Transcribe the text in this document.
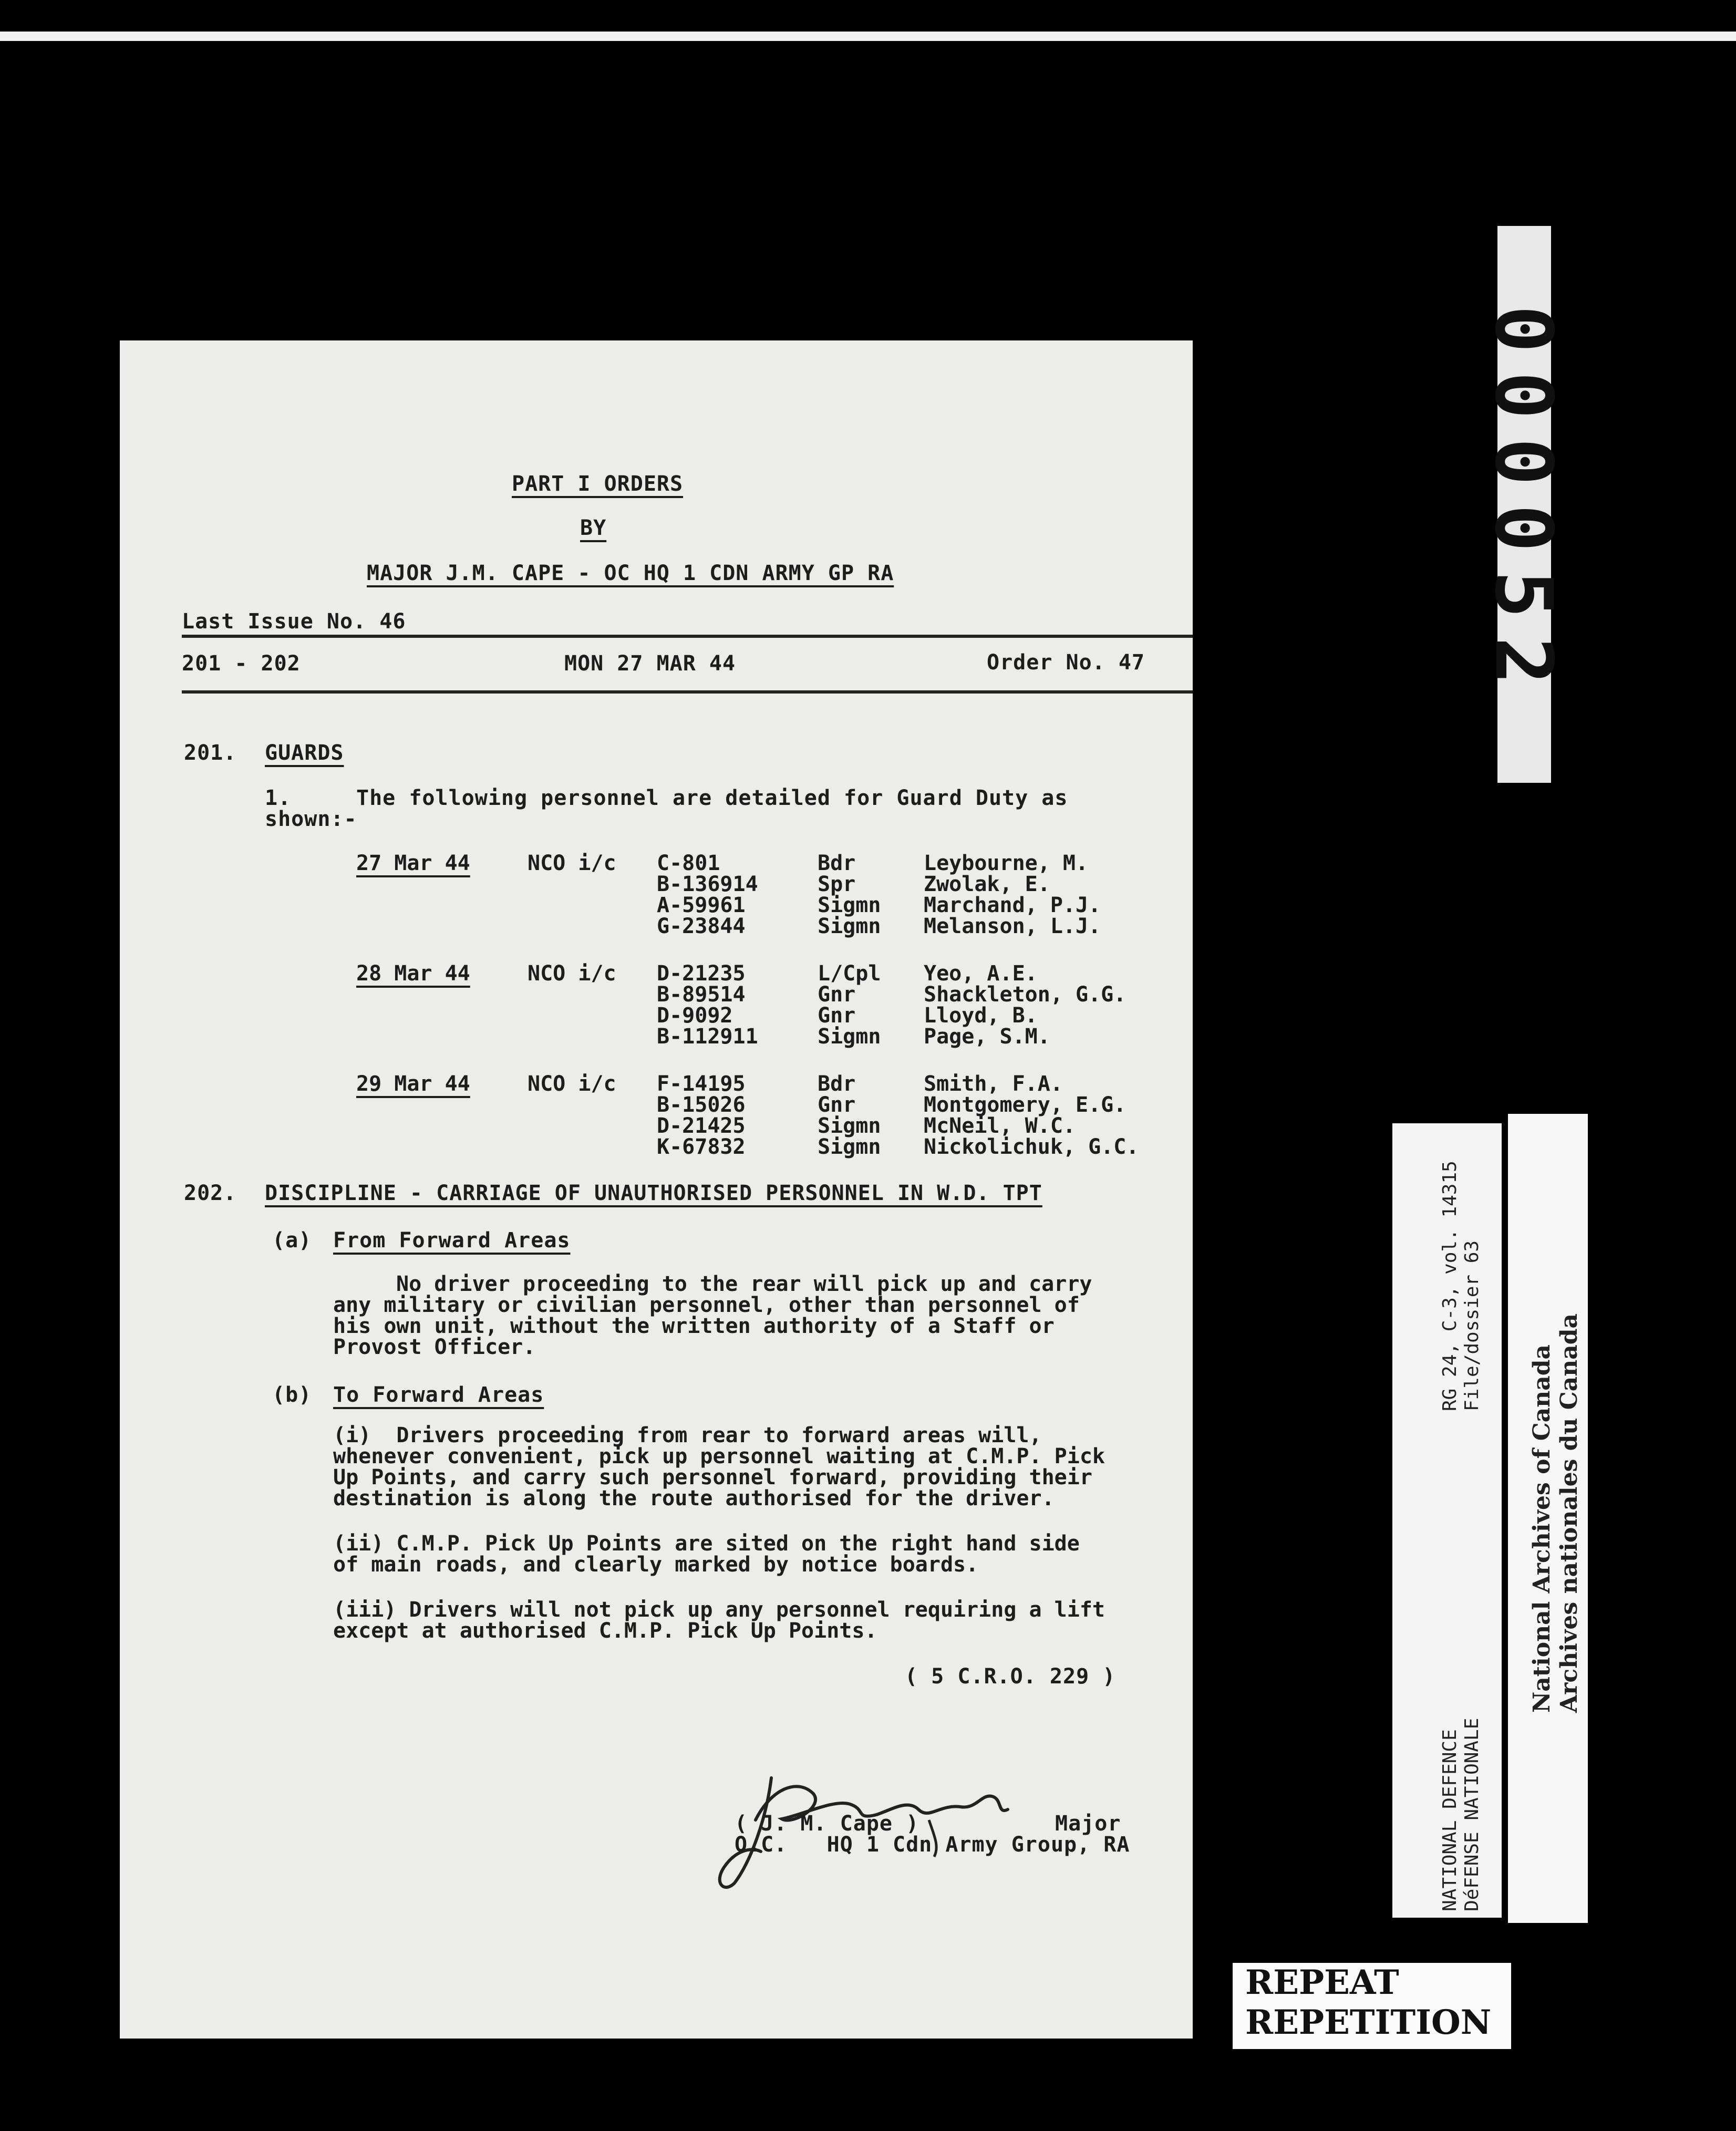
PART I ORDERS
BY
MAJOR J.M. CAPE - OC HQ 1 CDN ARMY GP RA
Last Issue No. 46
201 - 202	MON 27 MAR 44	Order No. 47
201. GUARDS
1.	The following personnel are detailed for Guard Duty as
shown:-
27 Mar 44	NCO i/c C-801	Bdr	Leybourne, M.
B-136914	Spr	Zwolak, E.
A-59961	Sigmn Marchand, P.J.
G-23844	Sigmn Melanson, L.J.
28 Mar 44	NCO i/c D-21235	L/Cpl Yeo, A.E.
B-89514	Gnr	Shackleton, G.G.
D-9092	Gnr	Lloyd, B.
B-112911	Sigmn Page, S.M.
29 Mar 44	NCO i/c F-14195	Bdr	Smith, F.A.
B-15026	Gnr	Montgomery, E.G.
D-21425	Sigmn McNeil, W.C.
K-67832	Sigmn Nickolichuk, G.C.
202. DISCIPLINE - CARRIAGE OF UNAUTHORISED PERSONNEL IN W.D. TPT
(a) From Forward Areas
No driver proceeding to the rear will pick up and carry
any military or civilian personnel, other than personnel of
his own unit, without the written authority of a Staff or
Provost Officer.
(b) To Forward Areas
(i)  Drivers proceeding from rear to forward areas will,
whenever convenient, pick up personnel waiting at C.M.P. Pick
Up Points, and carry such personnel forward, providing their
destination is along the route authorised for the driver.
(ii) C.M.P. Pick Up Points are sited on the right hand side
of main roads, and clearly marked by notice boards.
(iii) Drivers will not pick up any personnel requiring a lift
except at authorised C.M.P. Pick Up Points.
( 5 C.R.O. 229 )
( J. M. Cape )	Major
O.C.   HQ 1 Cdn Army Group, RA
000052
RG 24, C-3, vol. 14315 File/dossier 63
NATIONAL DEFENCE DéFENSE NATIONALE
National Archives of Canada Archives nationales du Canada
REPEAT
REPETITION
